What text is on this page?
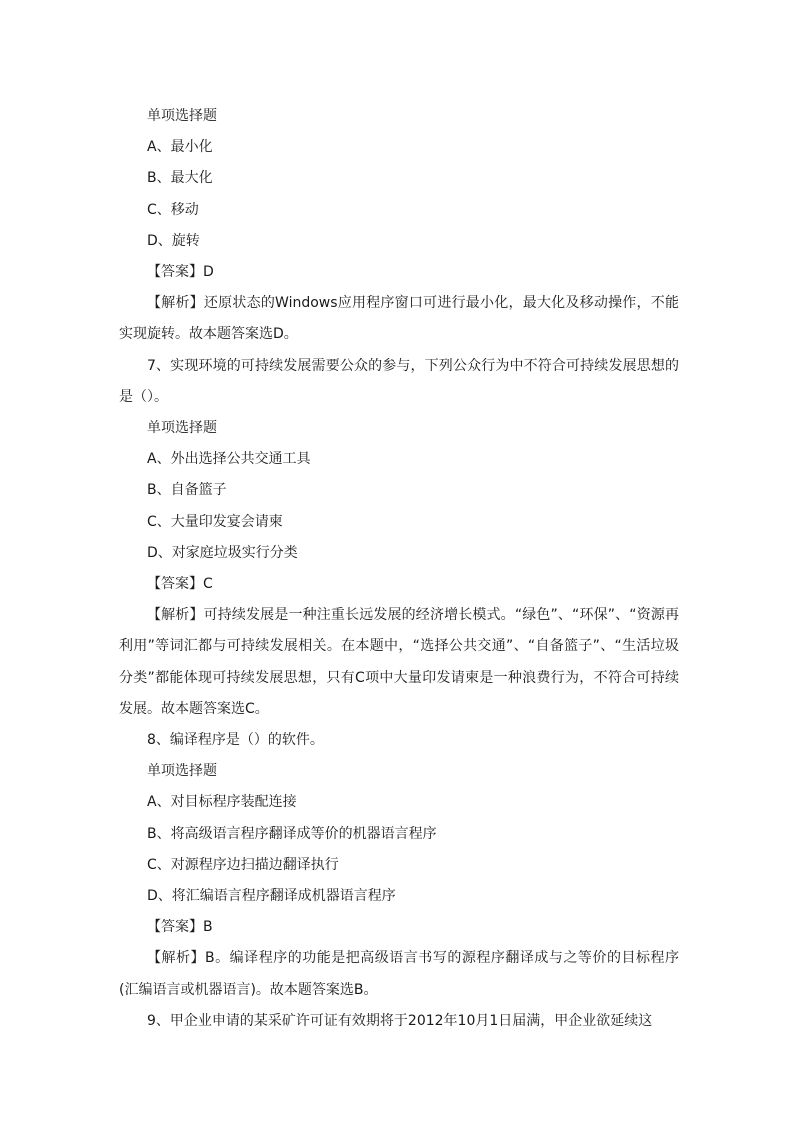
单项选择题

A、最小化

B、最大化

C、移动

D、旋转

【答案】D

【解析】还原状态的Windows应用程序窗口可进行最小化，最大化及移动操作，不能实现旋转。故本题答案选D。

7、实现环境的可持续发展需要公众的参与，下列公众行为中不符合可持续发展思想的是（）。

单项选择题

A、外出选择公共交通工具

B、自备篮子

C、大量印发宴会请柬

D、对家庭垃圾实行分类

【答案】C

【解析】可持续发展是一种注重长远发展的经济增长模式。“绿色”、“环保”、“资源再利用”等词汇都与可持续发展相关。在本题中，“选择公共交通”、“自备篮子”、“生活垃圾分类”都能体现可持续发展思想，只有C项中大量印发请柬是一种浪费行为，不符合可持续发展。故本题答案选C。

8、编译程序是（）的软件。

单项选择题

A、对目标程序装配连接

B、将高级语言程序翻译成等价的机器语言程序

C、对源程序边扫描边翻译执行

D、将汇编语言程序翻译成机器语言程序

【答案】B

【解析】B。编译程序的功能是把高级语言书写的源程序翻译成与之等价的目标程序(汇编语言或机器语言)。故本题答案选B。

9、甲企业申请的某采矿许可证有效期将于2012年10月1日届满，甲企业欲延续这
